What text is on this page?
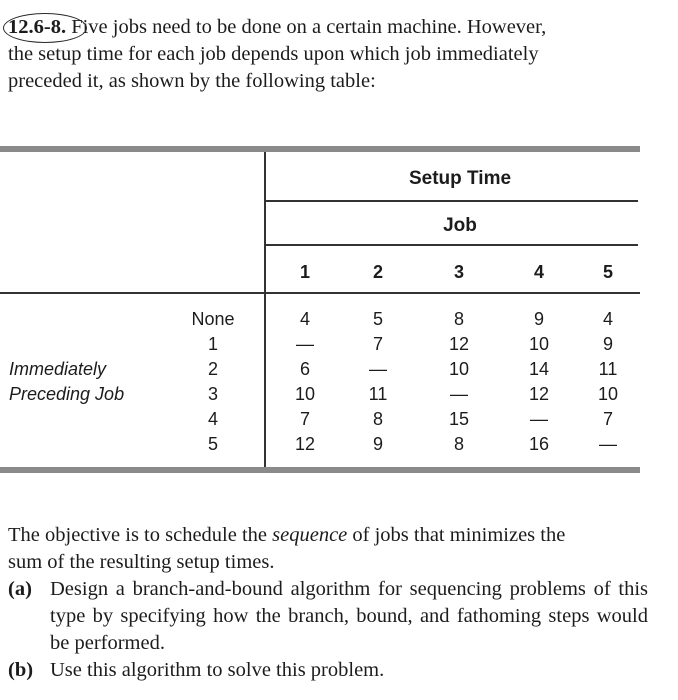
12.6-8. Five jobs need to be done on a certain machine. However,

the setup time for each job depends upon which job immediately

preceded it, as shown by the following table:

Setup Time
Job
1	2	3	4	5
Immediately
Preceding Job
None	4	5	8	9	4
1	—	7	12	10	9
2	6	—	10	14	11
3	10	11	—	12	10
4	7	8	15	—	7
5	12	9	8	16	—

The objective is to schedule the sequence of jobs that minimizes the

sum of the resulting setup times.

(a) Design a branch-and-bound algorithm for sequencing problems of this type by specifying how the branch, bound, and fathoming steps would be performed.
(b) Use this algorithm to solve this problem.
